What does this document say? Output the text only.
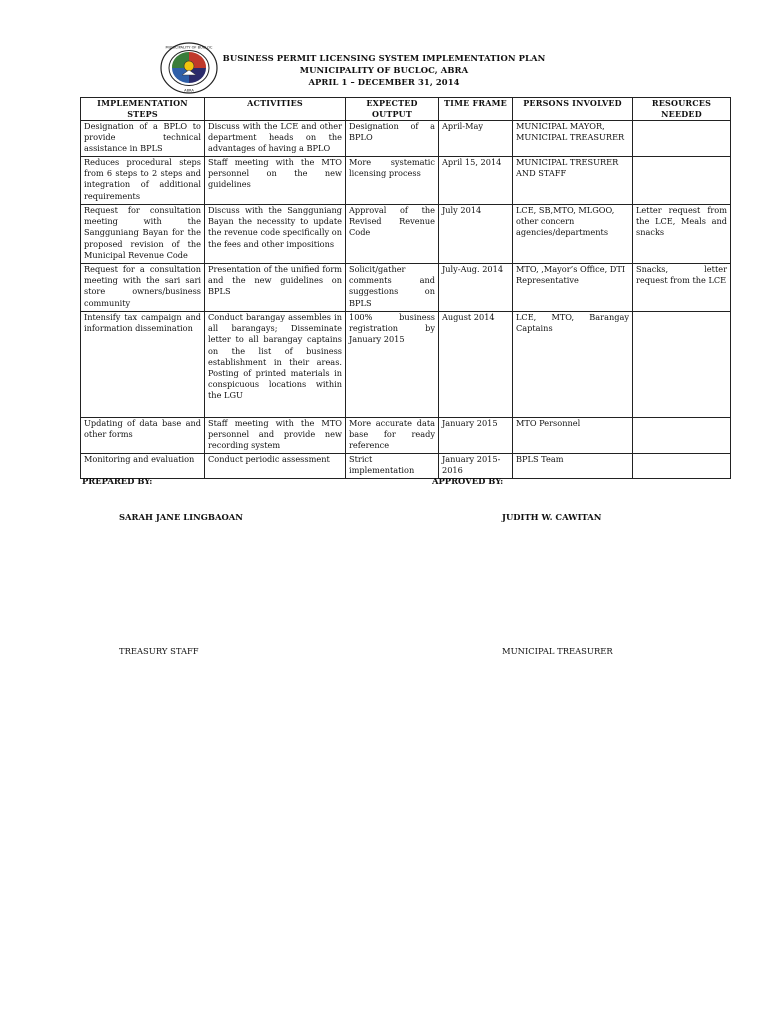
MUNICIPALITY OF BUCLOC
ABRA
BUSINESS PERMIT LICENSING SYSTEM IMPLEMENTATION PLAN
MUNICIPALITY OF BUCLOC, ABRA
APRIL 1 – DECEMBER 31, 2014
IMPLEMENTATION STEPS	ACTIVITIES	EXPECTED OUTPUT	TIME FRAME	PERSONS INVOLVED	RESOURCES NEEDED
Designation of a BPLO to provide technical assistance in BPLS	Discuss with the LCE and other department heads on the advantages of having a BPLO	Designation of a BPLO	April-May	MUNICIPAL MAYOR, MUNICIPAL TREASURER	
Reduces procedural steps from 6 steps to 2 steps and integration of additional requirements	Staff meeting with the MTO personnel on the new guidelines	More systematic licensing process	April 15, 2014	MUNICIPAL TRESURER AND STAFF	
Request for consultation meeting with the Sangguniang Bayan for the proposed revision of the Municipal Revenue Code	Discuss with the Sangguniang Bayan the necessity to update the revenue code specifically on the fees and other impositions	Approval of the Revised Revenue Code	July 2014	LCE, SB,MTO, MLGOO, other concern agencies/departments	Letter request from the LCE, Meals and snacks
Request for a consultation meeting with the sari sari store owners/business community	Presentation of the unified form and the new guidelines on BPLS	Solicit/gather comments and suggestions on BPLS	July-Aug. 2014	MTO, ,Mayor’s Office, DTI Representative	Snacks, letter request from the LCE
Intensify tax campaign and information dissemination	Conduct barangay assembles in all barangays; Disseminate letter to all barangay captains on the list of business establishment in their areas. Posting of printed materials in conspicuous locations within the LGU	100% business registration by January 2015	August 2014	LCE, MTO, Barangay Captains	
Updating of data base and other forms	Staff meeting with the MTO personnel and provide new recording system	More accurate data base for ready reference	January 2015	MTO Personnel	
Monitoring and evaluation	Conduct periodic assessment	Strict implementation	January 2015-2016	BPLS Team	
PREPARED BY:	APPROVED BY:
SARAH JANE LINGBAOAN	JUDITH W. CAWITAN
TREASURY STAFF	MUNICIPAL TREASURER
